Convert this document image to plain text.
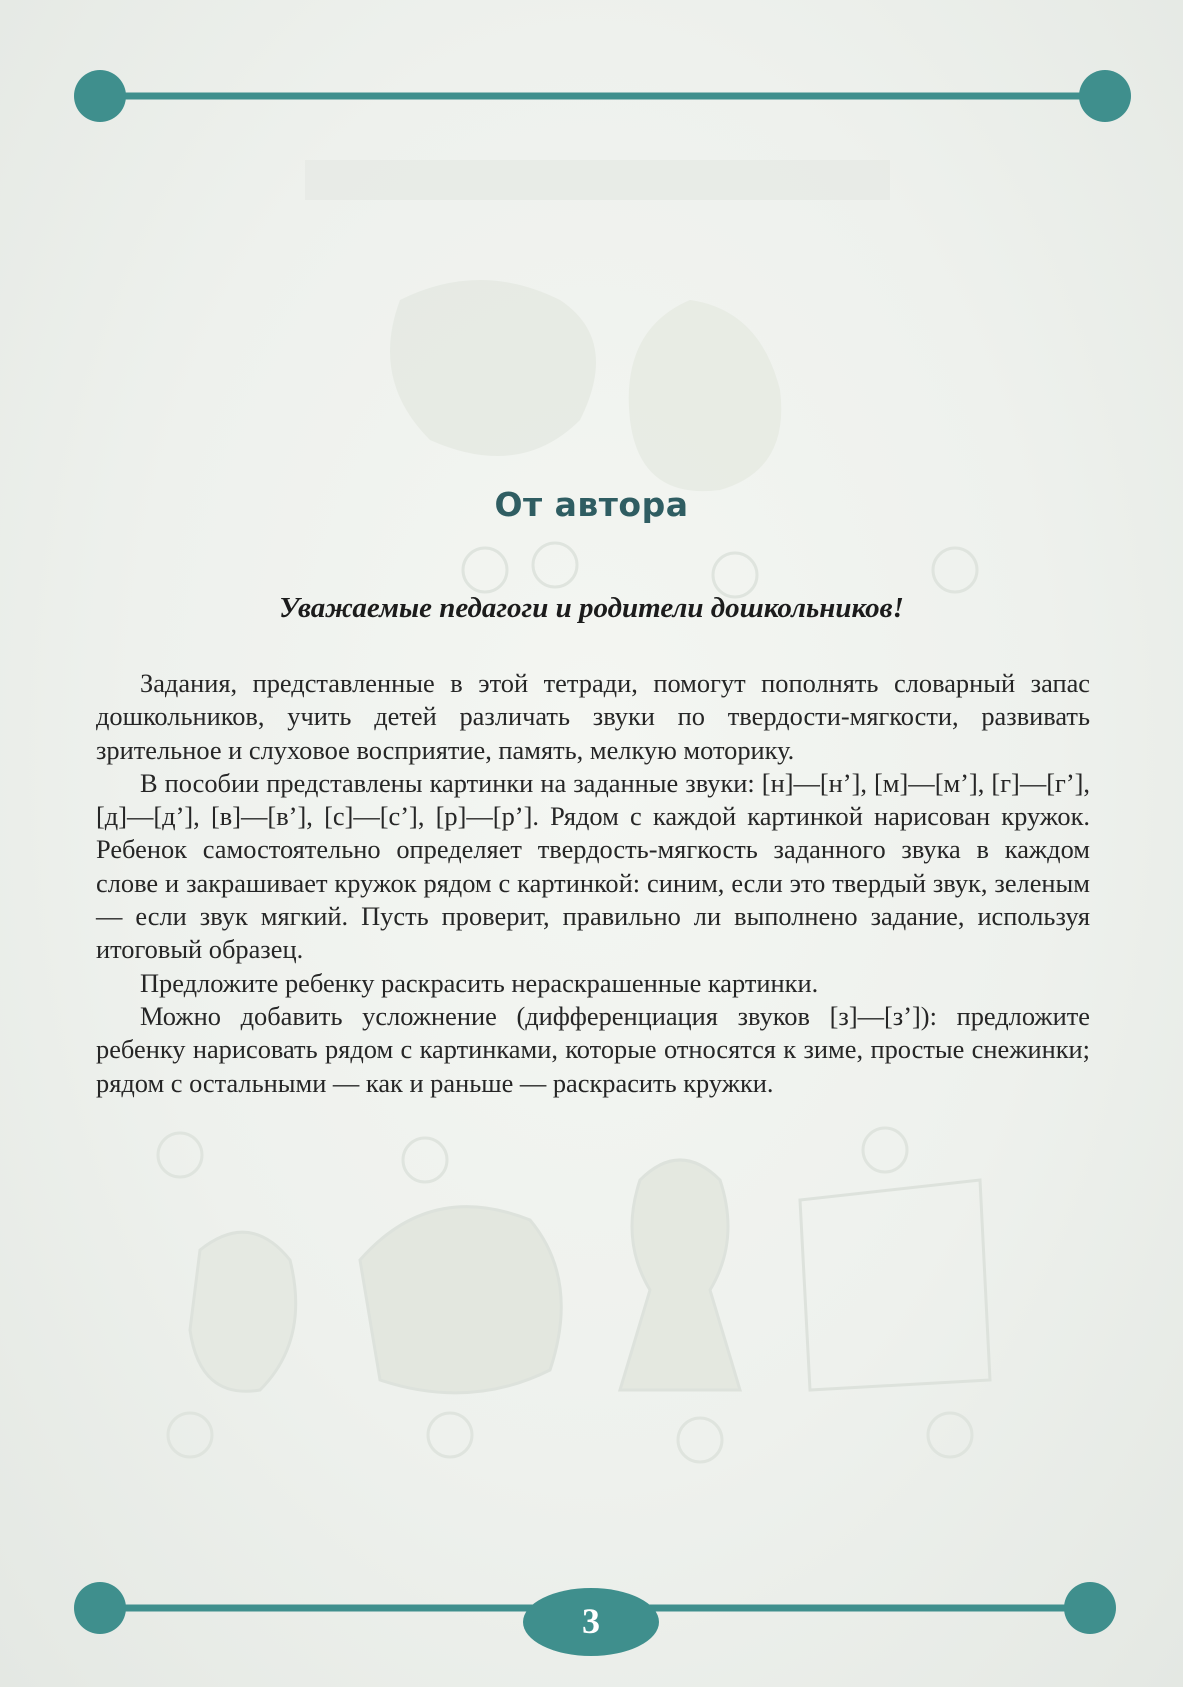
От автора
Уважаемые педагоги и родители дошкольников!

Задания, представленные в этой тетради, помогут пополнять словарный запас дошкольников, учить детей различать звуки по твердости-мягкости, развивать зрительное и слуховое восприятие, память, мелкую моторику.

В пособии представлены картинки на заданные звуки: [н]—[н’], [м]—[м’], [г]—[г’], [д]—[д’], [в]—[в’], [с]—[с’], [р]—[р’]. Рядом с каждой картинкой нарисован кружок. Ребенок самостоятельно определяет твердость-мягкость заданного звука в каждом слове и закрашивает кружок рядом с картинкой: синим, если это твердый звук, зеленым — если звук мягкий. Пусть проверит, правильно ли выполнено задание, используя итоговый образец.

Предложите ребенку раскрасить нераскрашенные картинки.

Можно добавить усложнение (дифференциация звуков [з]—[з’]): предложите ребенку нарисовать рядом с картинками, которые относятся к зиме, простые снежинки; рядом с остальными — как и раньше — раскрасить кружки.

3
